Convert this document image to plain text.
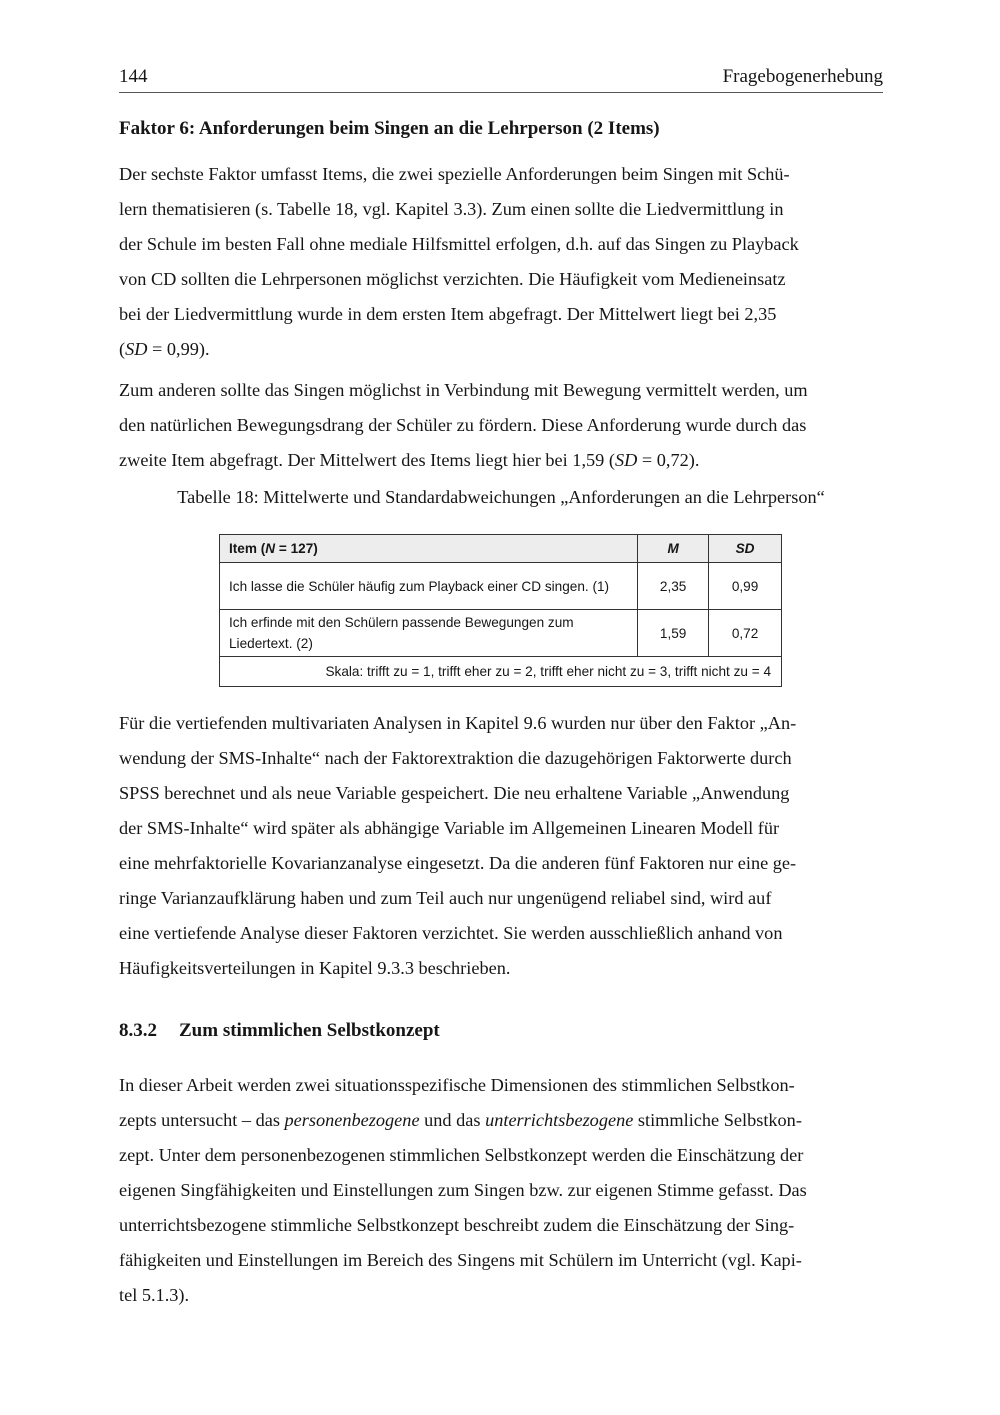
144	Fragebogenerhebung
Faktor 6: Anforderungen beim Singen an die Lehrperson (2 Items)

Der sechste Faktor umfasst Items, die zwei spezielle Anforderungen beim Singen mit Schü-

lern thematisieren (s. Tabelle 18, vgl. Kapitel 3.3). Zum einen sollte die Liedvermittlung in

der Schule im besten Fall ohne mediale Hilfsmittel erfolgen, d.h. auf das Singen zu Playback

von CD sollten die Lehrpersonen möglichst verzichten. Die Häufigkeit vom Medieneinsatz

bei der Liedvermittlung wurde in dem ersten Item abgefragt. Der Mittelwert liegt bei 2,35

(SD = 0,99).

Zum anderen sollte das Singen möglichst in Verbindung mit Bewegung vermittelt werden, um

den natürlichen Bewegungsdrang der Schüler zu fördern. Diese Anforderung wurde durch das

zweite Item abgefragt. Der Mittelwert des Items liegt hier bei 1,59 (SD = 0,72).

Tabelle 18: Mittelwerte und Standardabweichungen „Anforderungen an die Lehrperson“
Item (N = 127)	M	SD
Ich lasse die Schüler häufig zum Playback einer CD singen. (1)	2,35	0,99
Ich erfinde mit den Schülern passende Bewegungen zum Liedertext. (2)	1,59	0,72
Skala: trifft zu = 1, trifft eher zu = 2, trifft eher nicht zu = 3, trifft nicht zu = 4		

Für die vertiefenden multivariaten Analysen in Kapitel 9.6 wurden nur über den Faktor „An-

wendung der SMS-Inhalte“ nach der Faktorextraktion die dazugehörigen Faktorwerte durch

SPSS berechnet und als neue Variable gespeichert. Die neu erhaltene Variable „Anwendung

der SMS-Inhalte“ wird später als abhängige Variable im Allgemeinen Linearen Modell für

eine mehrfaktorielle Kovarianzanalyse eingesetzt. Da die anderen fünf Faktoren nur eine ge-

ringe Varianzaufklärung haben und zum Teil auch nur ungenügend reliabel sind, wird auf

eine vertiefende Analyse dieser Faktoren verzichtet. Sie werden ausschließlich anhand von

Häufigkeitsverteilungen in Kapitel 9.3.3 beschrieben.

8.3.2 Zum stimmlichen Selbstkonzept

In dieser Arbeit werden zwei situationsspezifische Dimensionen des stimmlichen Selbstkon-

zepts untersucht – das personenbezogene und das unterrichtsbezogene stimmliche Selbstkon-

zept. Unter dem personenbezogenen stimmlichen Selbstkonzept werden die Einschätzung der

eigenen Singfähigkeiten und Einstellungen zum Singen bzw. zur eigenen Stimme gefasst. Das

unterrichtsbezogene stimmliche Selbstkonzept beschreibt zudem die Einschätzung der Sing-

fähigkeiten und Einstellungen im Bereich des Singens mit Schülern im Unterricht (vgl. Kapi-

tel 5.1.3).
